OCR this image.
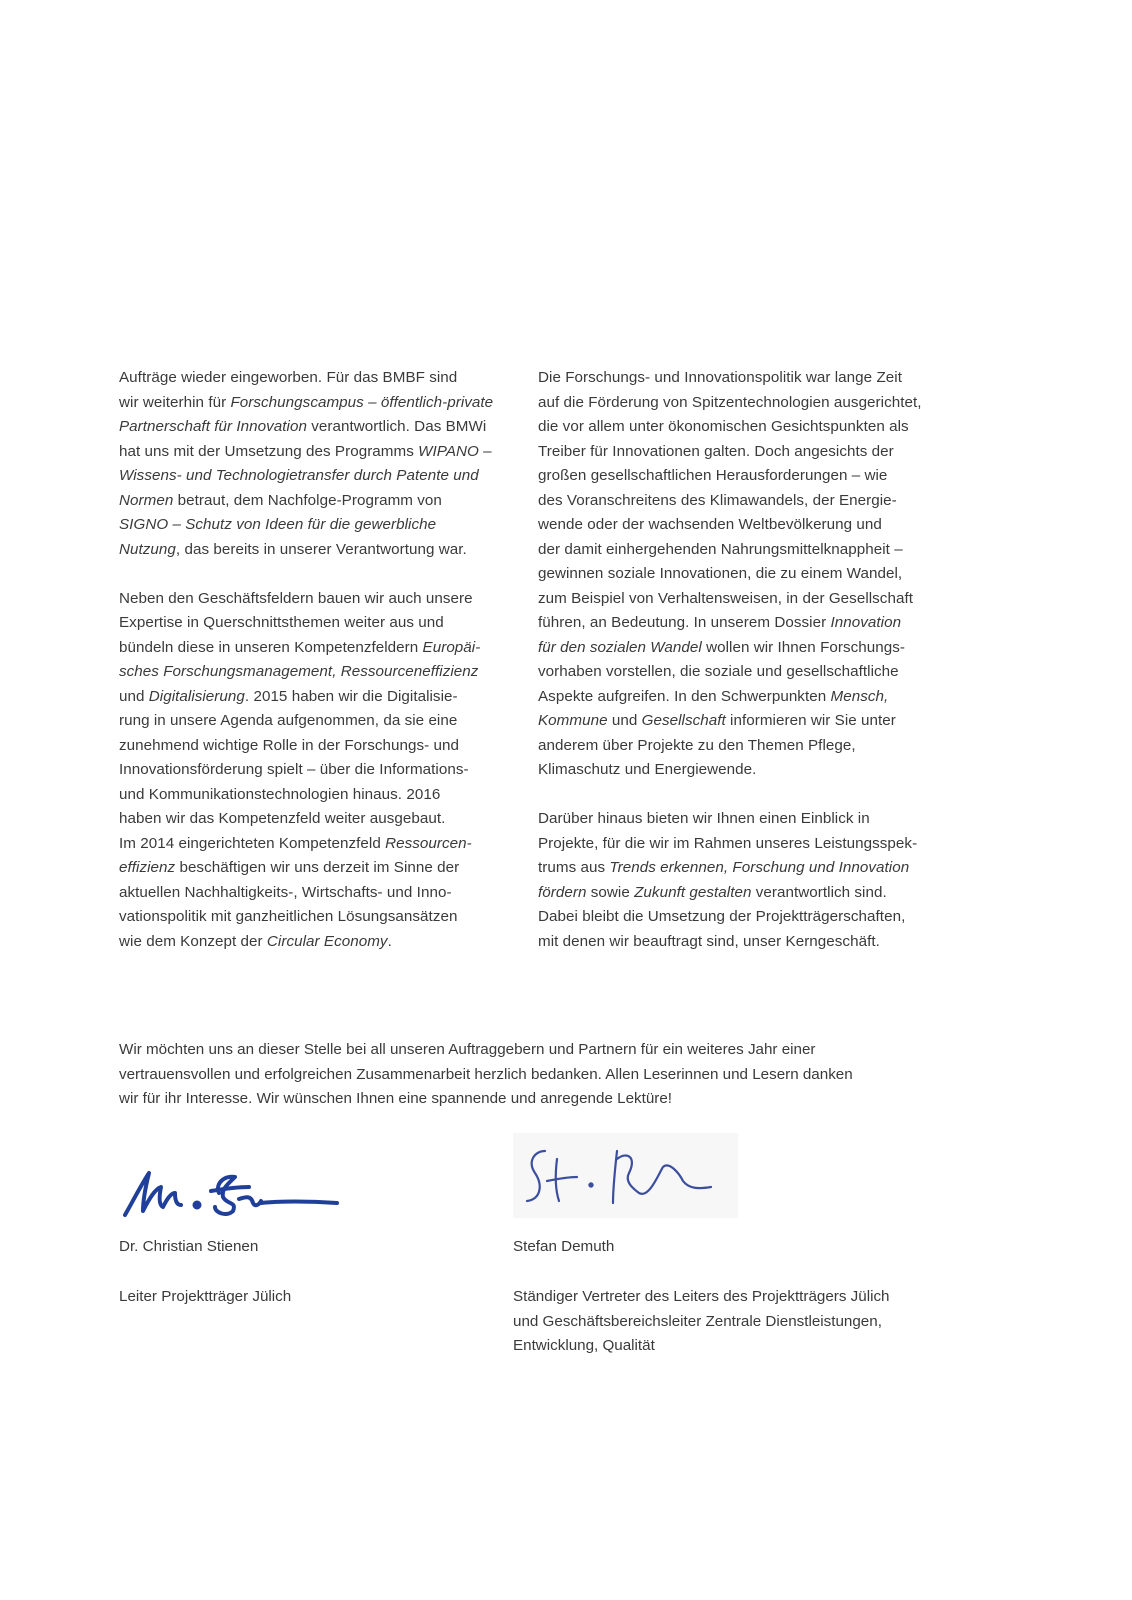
Aufträge wieder eingeworben. Für das BMBF sind
wir weiterhin für Forschungscampus – öffentlich-private
Partnerschaft für Innovation verantwortlich. Das BMWi
hat uns mit der Umsetzung des Programms WIPANO –
Wissens- und Technologietransfer durch Patente und
Normen betraut, dem Nachfolge-Programm von
SIGNO – Schutz von Ideen für die gewerbliche
Nutzung, das bereits in unserer Verantwortung war.

Neben den Geschäftsfeldern bauen wir auch unsere
Expertise in Querschnittsthemen weiter aus und
bündeln diese in unseren Kompetenzfeldern Europäi-
sches Forschungsmanagement, Ressourceneffizienz
und Digitalisierung. 2015 haben wir die Digitalisie-
rung in unsere Agenda aufgenommen, da sie eine
zunehmend wichtige Rolle in der Forschungs- und
Innovationsförderung spielt – über die Informations-
und Kommunikationstechnologien hinaus. 2016
haben wir das Kompetenzfeld weiter ausgebaut.
Im 2014 eingerichteten Kompetenzfeld Ressourcen-
effizienz beschäftigen wir uns derzeit im Sinne der
aktuellen Nachhaltigkeits-, Wirtschafts- und Inno-
vationspolitik mit ganzheitlichen Lösungsansätzen
wie dem Konzept der Circular Economy.

Die Forschungs- und Innovationspolitik war lange Zeit
auf die Förderung von Spitzentechnologien ausgerichtet,
die vor allem unter ökonomischen Gesichtspunkten als
Treiber für Innovationen galten. Doch angesichts der
großen gesellschaftlichen Herausforderungen – wie
des Voranschreitens des Klimawandels, der Energie-
wende oder der wachsenden Weltbevölkerung und
der damit einhergehenden Nahrungsmittelknappheit –
gewinnen soziale Innovationen, die zu einem Wandel,
zum Beispiel von Verhaltensweisen, in der Gesellschaft
führen, an Bedeutung. In unserem Dossier Innovation
für den sozialen Wandel wollen wir Ihnen Forschungs-
vorhaben vorstellen, die soziale und gesellschaftliche
Aspekte aufgreifen. In den Schwerpunkten Mensch,
Kommune und Gesellschaft informieren wir Sie unter
anderem über Projekte zu den Themen Pflege,
Klimaschutz und Energiewende.

Darüber hinaus bieten wir Ihnen einen Einblick in
Projekte, für die wir im Rahmen unseres Leistungsspek-
trums aus Trends erkennen, Forschung und Innovation
fördern sowie Zukunft gestalten verantwortlich sind.
Dabei bleibt die Umsetzung der Projektträgerschaften,
mit denen wir beauftragt sind, unser Kerngeschäft.

Wir möchten uns an dieser Stelle bei all unseren Auftraggebern und Partnern für ein weiteres Jahr einer
vertrauensvollen und erfolgreichen Zusammenarbeit herzlich bedanken. Allen Leserinnen und Lesern danken
wir für ihr Interesse. Wir wünschen Ihnen eine spannende und anregende Lektüre!
Dr. Christian Stienen	Stefan Demuth
Leiter Projektträger Jülich	Ständiger Vertreter des Leiters des Projektträgers Jülich
und Geschäftsbereichsleiter Zentrale Dienstleistungen,
Entwicklung, Qualität
